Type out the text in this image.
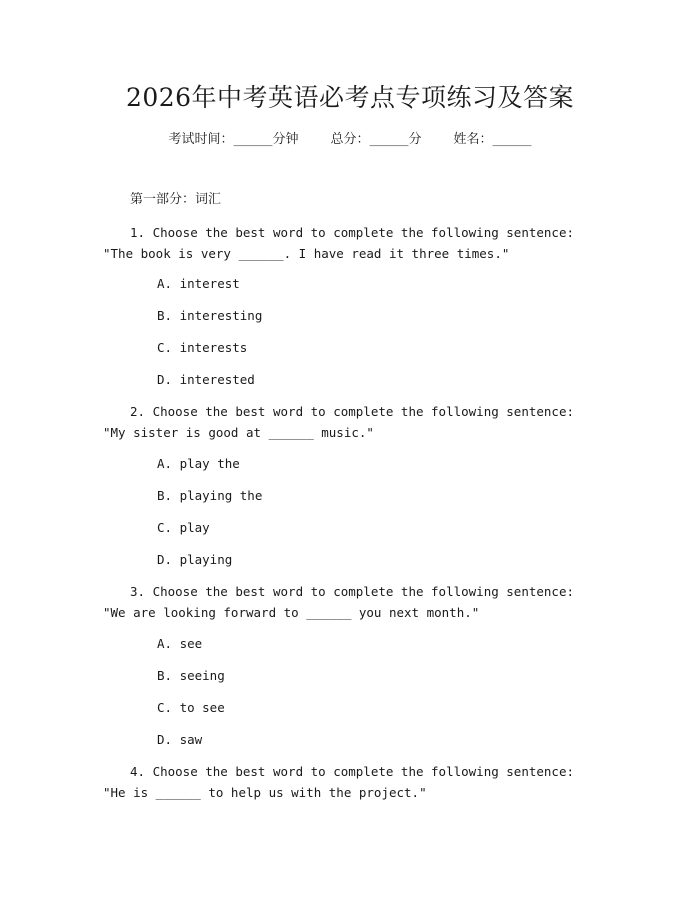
2026年中考英语必考点专项练习及答案
考试时间：______分钟 总分：______分 姓名：______
第一部分：词汇
1. Choose the best word to complete the following sentence: "The book is very ______. I have read it three times."
A. interest
B. interesting
C. interests
D. interested
2. Choose the best word to complete the following sentence: "My sister is good at ______ music."
A. play the
B. playing the
C. play
D. playing
3. Choose the best word to complete the following sentence: "We are looking forward to ______ you next month."
A. see
B. seeing
C. to see
D. saw
4. Choose the best word to complete the following sentence: "He is ______ to help us with the project."
